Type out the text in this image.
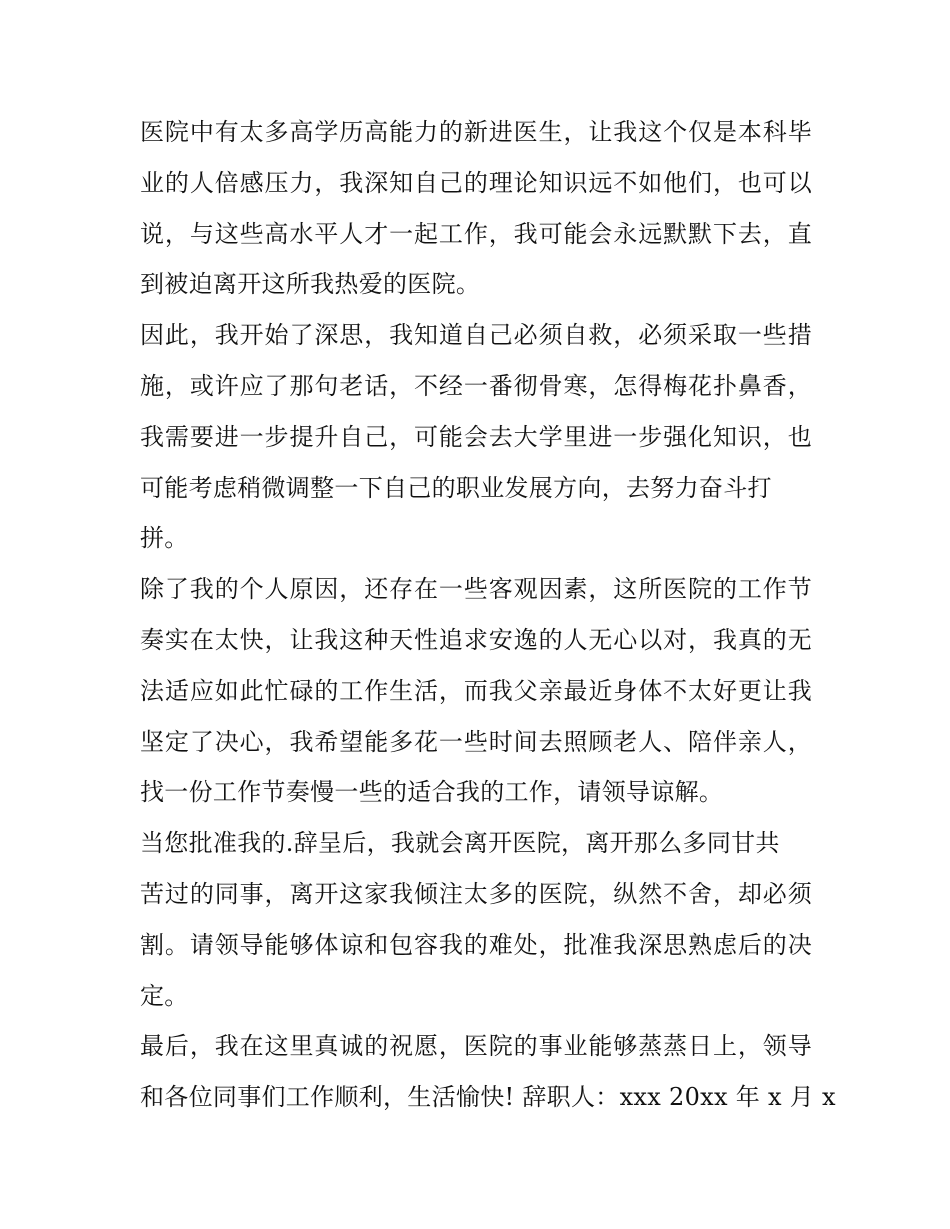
医院中有太多高学历高能力的新进医生，让我这个仅是本科毕
业的人倍感压力，我深知自己的理论知识远不如他们，也可以
说，与这些高水平人才一起工作，我可能会永远默默下去，直
到被迫离开这所我热爱的医院。
因此，我开始了深思，我知道自己必须自救，必须采取一些措
施，或许应了那句老话，不经一番彻骨寒，怎得梅花扑鼻香，
我需要进一步提升自己，可能会去大学里进一步强化知识，也
可能考虑稍微调整一下自己的职业发展方向，去努力奋斗打
拼。
除了我的个人原因，还存在一些客观因素，这所医院的工作节
奏实在太快，让我这种天性追求安逸的人无心以对，我真的无
法适应如此忙碌的工作生活，而我父亲最近身体不太好更让我
坚定了决心，我希望能多花一些时间去照顾老人、陪伴亲人，
找一份工作节奏慢一些的适合我的工作，请领导谅解。
当您批准我的.辞呈后，我就会离开医院，离开那么多同甘共
苦过的同事，离开这家我倾注太多的医院，纵然不舍，却必须
割。请领导能够体谅和包容我的难处，批准我深思熟虑后的决
定。
最后，我在这里真诚的祝愿，医院的事业能够蒸蒸日上，领导
和各位同事们工作顺利，生活愉快! 辞职人：xxx 20xx 年 x 月 x
